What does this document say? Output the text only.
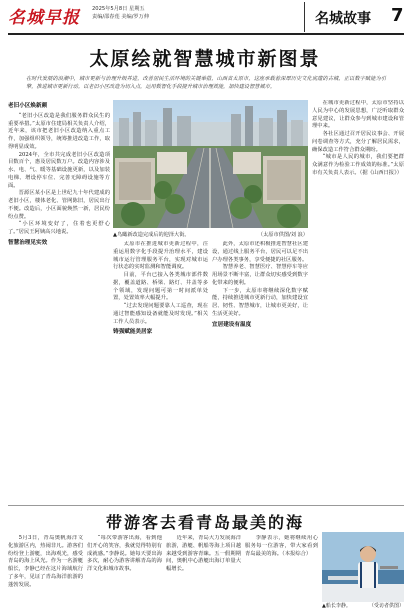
名城早报 2025年5月8日 星期五
责编/邵春莲 美编/罗万伸	名城故事 7
太原绘就智慧城市新图景
在时代发展的浪潮中，城市更新与治理升级并进，改善居民生活环境的关键举措，山西省太原市，这座承载着深厚历史文化底蕴的古城，正以数字赋能为引擎，推进城市更新行动。以老旧小区改造为切入点，运用数智化手段提升城市治理效能，加快建设智慧城市。

老旧小区焕新颜

“老旧小区改造是我们服务群众民生的重要举措。”太原市住建局相关负责人介绍，近年来，该市把老旧小区改造纳入重点工作，加强组织领导，统筹推进改造工作，取得明显成效。

2024年，全市共完成老旧小区改造项目数百个，惠及居民数万户。改造内容涉及水、电、气、暖等基础设施更新，以及加装电梯、增设停车位、完善无障碍设施等方面。

晋源区某小区是上世纪九十年代建成的老旧小区，楼体老化、管网陈旧，居民出行不便。改造后，小区面貌焕然一新，居民纷纷点赞。

“小区环境变好了，住着也更舒心了。”居民王阿姨高兴地说。

智慧治理见实效

▲鸟瞰新改造完成后的迎泽大街。	（太原市供图/刘 浪）

太原市在推进城市更新过程中，注重运用数字化手段提升治理水平，建设城市运行管理服务平台，实现对城市运行状态的实时监测和智能调度。

目前，平台已接入各类城市部件数据，覆盖道路、桥梁、路灯、井盖等多个领域，发现问题可第一时间派单处置，处置效率大幅提升。

“过去发现问题要靠人工巡查，现在通过智能感知设备就能及时发现。”相关工作人员表示。

铸强赋能美居家

此外，太原市还积极推进智慧社区建设，通过线上服务平台，居民可以足不出户办理各类事务，享受便捷的社区服务。

智慧养老、智慧医疗、智慧停车等应用场景不断丰富，让群众切实感受到数字化带来的便利。

下一步，太原市将继续深化数字赋能，持续推进城市更新行动，加快建设宜居、韧性、智慧城市，让城市更美好，让生活更美好。

宜居建设有温度

在城市更新过程中，太原市坚持以人民为中心的发展思想，广泛听取群众意见建议，让群众参与到城市建设和管理中来。

各社区通过召开居民议事会、开展问卷调查等方式，充分了解居民需求，确保改造工作符合群众期盼。

“城市是人民的城市，我们要把群众满意作为检验工作成效的标准。”太原市有关负责人表示。（据《山西日报》）

带游客去看青岛最美的海

5月3日，青岛奥帆海洋文化旅游区内，热闹非凡。游客们纷纷登上游艇，出海观光，感受青岛的海上风光。作为一名游艇船长，李静已经在这片海域航行了多年，见证了青岛海洋旅游的蓬勃发展。

“每次带游客出海，看到他们开心的笑容，我就觉得特别有成就感。”李静说。她每天要出海多次，耐心为游客讲解青岛的海洋文化和城市故事。

近年来，青岛大力发展海洋旅游，游艇、帆船等海上项目越来越受到游客青睐。五一假期期间，奥帆中心游艇出海订单量大幅增长。

李静表示，她将继续用心服务每一位游客，带大家看到青岛最美的海。（本报综合）

▲船长李静。	（受访者供图）
